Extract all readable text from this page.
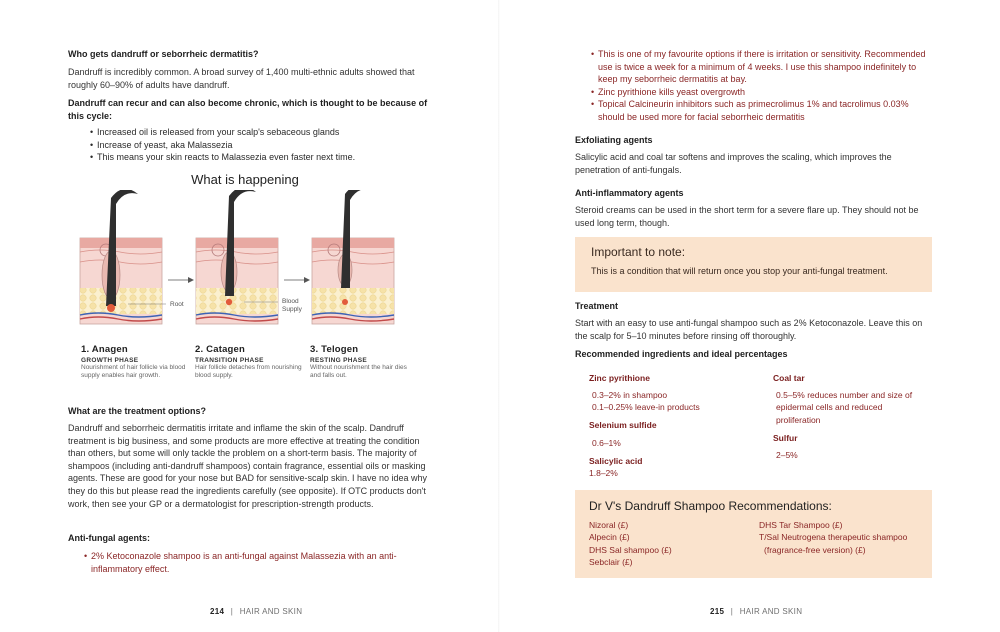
Who gets dandruff or seborrheic dermatitis?
Dandruff is incredibly common. A broad survey of 1,400 multi-ethnic adults showed that roughly 60–90% of adults have dandruff.
Dandruff can recur and can also become chronic, which is thought to be because of this cycle:
• Increased oil is released from your scalp's sebaceous glands
• Increase of yeast, aka Malassezia
• This means your skin reacts to Malassezia even faster next time.
What is happening
Root	Blood Supply
1. Anagen
GROWTH PHASE
Nourishment of hair follicle via blood supply enables hair growth.
2. Catagen
TRANSITION PHASE
Hair follicle detaches from nourishing blood supply.
3. Telogen
RESTING PHASE
Without nourishment the hair dies and falls out.
What are the treatment options?
Dandruff and seborrheic dermatitis irritate and inflame the skin of the scalp. Dandruff treatment is big business, and some products are more effective at treating the condition than others, but some will only tackle the problem on a short-term basis. The majority of shampoos (including anti-dandruff shampoos) contain fragrance, essential oils or masking agents. These are good for your nose but BAD for sensitive-scalp skin. I have no idea why they do this but please read the ingredients carefully (see opposite). If OTC products don't work, then see your GP or a dermatologist for prescription-strength products.
Anti-fungal agents:
• 2% Ketoconazole shampoo is an anti-fungal against Malassezia with an anti-inflammatory effect.
214 | HAIR AND SKIN
• This is one of my favourite options if there is irritation or sensitivity. Recommended use is twice a week for a minimum of 4 weeks. I use this shampoo indefinitely to keep my seborrheic dermatitis at bay.
• Zinc pyrithione kills yeast overgrowth
• Topical Calcineurin inhibitors such as primecrolimus 1% and tacrolimus 0.03% should be used more for facial seborrheic dermatitis
Exfoliating agents
Salicylic acid and coal tar softens and improves the scaling, which improves the penetration of anti-fungals.
Anti-inflammatory agents
Steroid creams can be used in the short term for a severe flare up. They should not be used long term, though.
Important to note:
This is a condition that will return once you stop your anti-fungal treatment.
Treatment
Start with an easy to use anti-fungal shampoo such as 2% Ketoconazole. Leave this on the scalp for 5–10 minutes before rinsing off thoroughly.
Recommended ingredients and ideal percentages
Zinc pyrithione
0.3–2% in shampoo
0.1–0.25% leave-in products
Selenium sulfide
0.6–1%
Salicylic acid
1.8–2%
Coal tar
0.5–5% reduces number and size of epidermal cells and reduced proliferation
Sulfur
2–5%
Dr V's Dandruff Shampoo Recommendations:
Nizoral (£)
Alpecin (£)
DHS Sal shampoo (£)
Sebclair (£)
DHS Tar Shampoo (£)
T/Sal Neutrogena therapeutic shampoo (fragrance-free version) (£)
215 | HAIR AND SKIN
